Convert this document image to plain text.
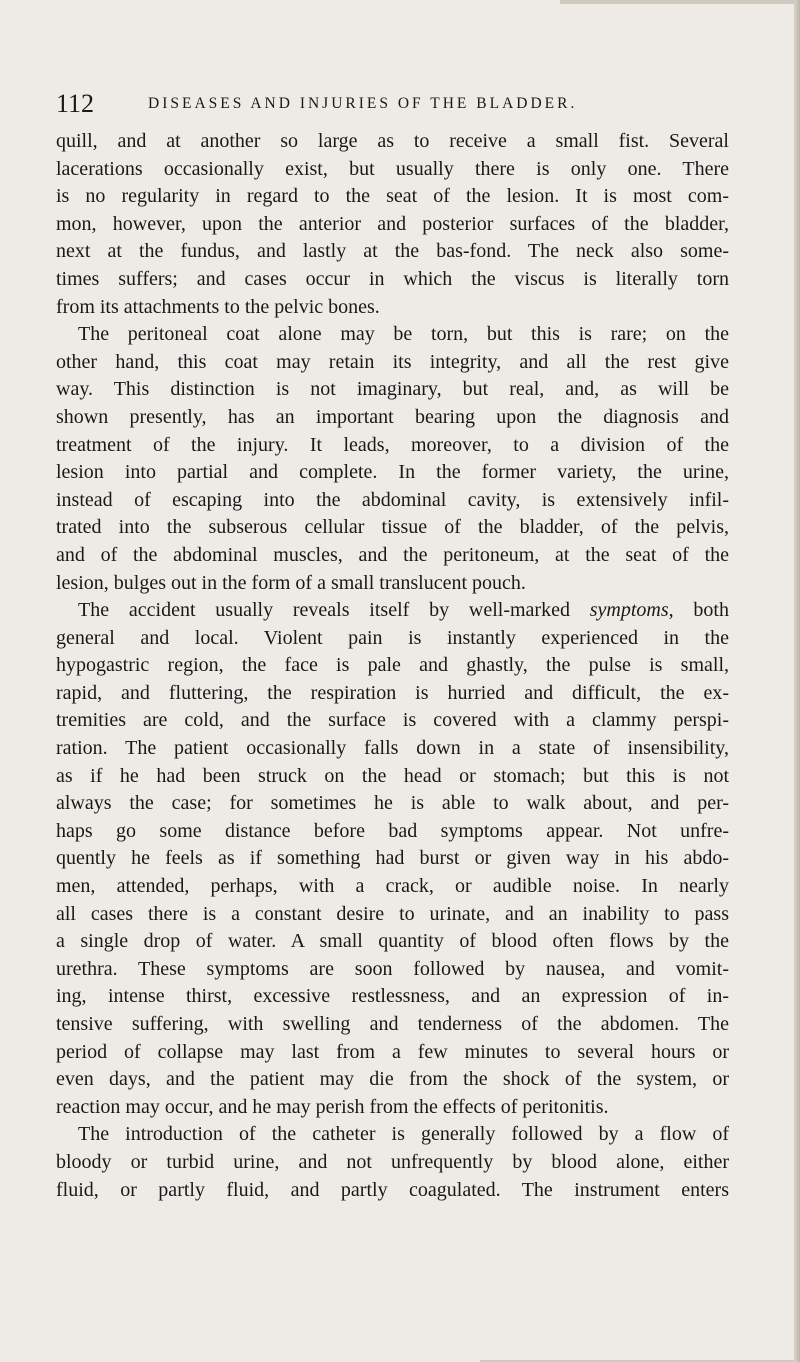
112	DISEASES AND INJURIES OF THE BLADDER.
quill, and at another so large as to receive a small fist. Several
lacerations occasionally exist, but usually there is only one. There
is no regularity in regard to the seat of the lesion. It is most com-
mon, however, upon the anterior and posterior surfaces of the bladder,
next at the fundus, and lastly at the bas-fond. The neck also some-
times suffers; and cases occur in which the viscus is literally torn
from its attachments to the pelvic bones.
The peritoneal coat alone may be torn, but this is rare; on the
other hand, this coat may retain its integrity, and all the rest give
way. This distinction is not imaginary, but real, and, as will be
shown presently, has an important bearing upon the diagnosis and
treatment of the injury. It leads, moreover, to a division of the
lesion into partial and complete. In the former variety, the urine,
instead of escaping into the abdominal cavity, is extensively infil-
trated into the subserous cellular tissue of the bladder, of the pelvis,
and of the abdominal muscles, and the peritoneum, at the seat of the
lesion, bulges out in the form of a small translucent pouch.
The accident usually reveals itself by well-marked symptoms, both
general and local. Violent pain is instantly experienced in the
hypogastric region, the face is pale and ghastly, the pulse is small,
rapid, and fluttering, the respiration is hurried and difficult, the ex-
tremities are cold, and the surface is covered with a clammy perspi-
ration. The patient occasionally falls down in a state of insensibility,
as if he had been struck on the head or stomach; but this is not
always the case; for sometimes he is able to walk about, and per-
haps go some distance before bad symptoms appear. Not unfre-
quently he feels as if something had burst or given way in his abdo-
men, attended, perhaps, with a crack, or audible noise. In nearly
all cases there is a constant desire to urinate, and an inability to pass
a single drop of water. A small quantity of blood often flows by the
urethra. These symptoms are soon followed by nausea, and vomit-
ing, intense thirst, excessive restlessness, and an expression of in-
tensive suffering, with swelling and tenderness of the abdomen. The
period of collapse may last from a few minutes to several hours or
even days, and the patient may die from the shock of the system, or
reaction may occur, and he may perish from the effects of peritonitis.
The introduction of the catheter is generally followed by a flow of
bloody or turbid urine, and not unfrequently by blood alone, either
fluid, or partly fluid, and partly coagulated. The instrument enters
